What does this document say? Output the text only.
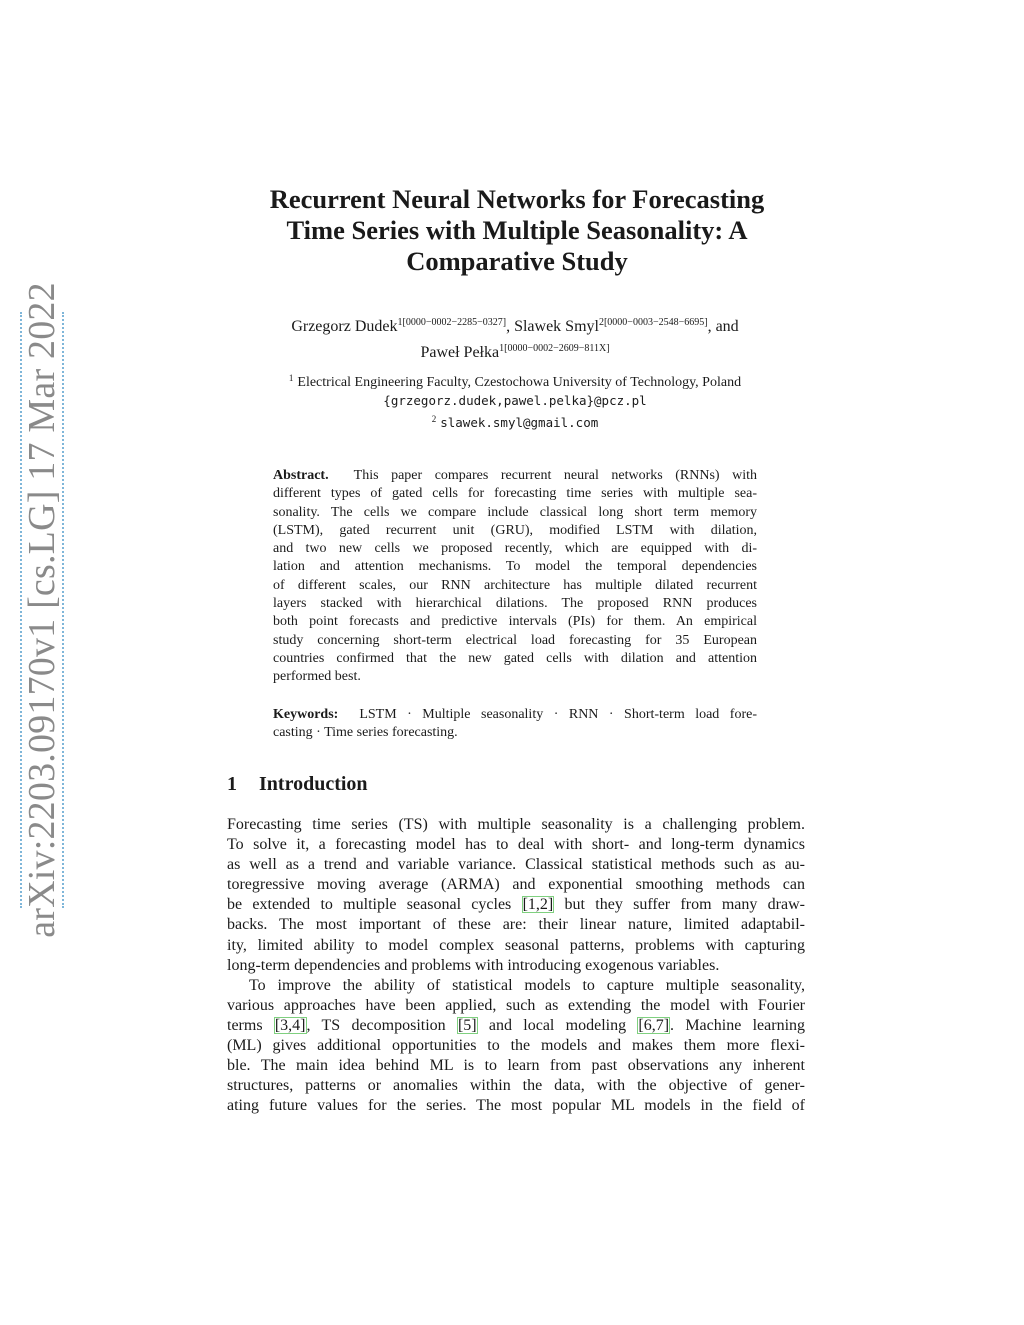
arXiv:2203.09170v1 [cs.LG] 17 Mar 2022
Recurrent Neural Networks for Forecasting
Time Series with Multiple Seasonality: A
Comparative Study
Grzegorz Dudek$^{1[0000-0002-2285-0327]}$, Slawek Smyl$^{2[0000-0003-2548-6695]}$, and
Paweł Pełka$^{1[0000-0002-2609-811X]}$
$^1$ Electrical Engineering Faculty, Czestochowa University of Technology, Poland
{grzegorz.dudek,pawel.pelka}@pcz.pl
$^2$ slawek.smyl@gmail.com
Abstract. This paper compares recurrent neural networks (RNNs) with
different types of gated cells for forecasting time series with multiple sea-
sonality. The cells we compare include classical long short term memory
(LSTM), gated recurrent unit (GRU), modified LSTM with dilation,
and two new cells we proposed recently, which are equipped with di-
lation and attention mechanisms. To model the temporal dependencies
of different scales, our RNN architecture has multiple dilated recurrent
layers stacked with hierarchical dilations. The proposed RNN produces
both point forecasts and predictive intervals (PIs) for them. An empirical
study concerning short-term electrical load forecasting for 35 European
countries confirmed that the new gated cells with dilation and attention
performed best.
Keywords: LSTM · Multiple seasonality · RNN · Short-term load fore-
casting · Time series forecasting.
1 Introduction
Forecasting time series (TS) with multiple seasonality is a challenging problem.
To solve it, a forecasting model has to deal with short- and long-term dynamics
as well as a trend and variable variance. Classical statistical methods such as au-
toregressive moving average (ARMA) and exponential smoothing methods can
be extended to multiple seasonal cycles [1,2] but they suffer from many draw-
backs. The most important of these are: their linear nature, limited adaptabil-
ity, limited ability to model complex seasonal patterns, problems with capturing
long-term dependencies and problems with introducing exogenous variables.
To improve the ability of statistical models to capture multiple seasonality,
various approaches have been applied, such as extending the model with Fourier
terms [3,4], TS decomposition [5] and local modeling [6,7]. Machine learning
(ML) gives additional opportunities to the models and makes them more flexi-
ble. The main idea behind ML is to learn from past observations any inherent
structures, patterns or anomalies within the data, with the objective of gener-
ating future values for the series. The most popular ML models in the field of
